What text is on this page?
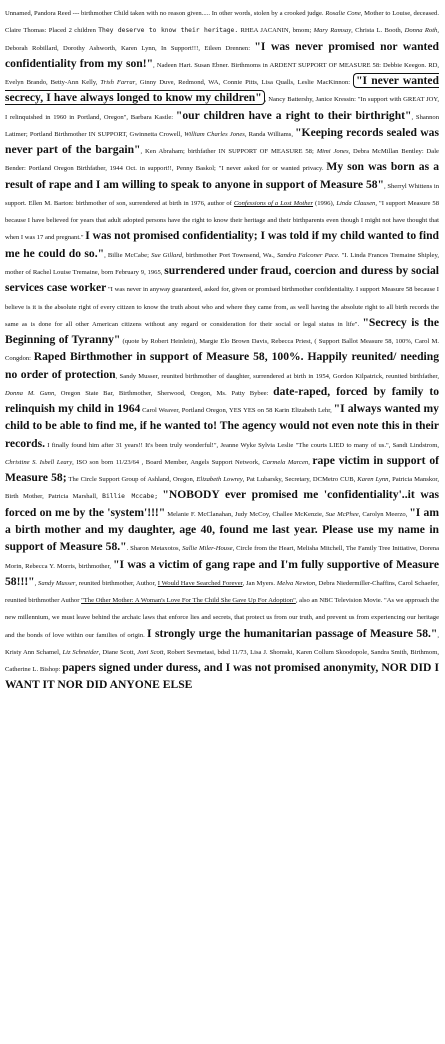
Unnamed, Pandora Reed --- birthmother Child taken with no reason given..... In other words, stolen by a crooked judge. Rosalie Cone, Mother to Louise, deceased. Claire Thomas: Placed 2 children They deserve to know their heritage. RHEA JACANIN, bmom; Mary Ramsay, Christa L. Booth, Donna Roth, Deborah Robillard, Dorothy Ashworth, Karen Lynn, In Support!!!, Eileen Drennen: "I was never promised nor wanted confidentiality from my son!", Nadeen Hart. Susan Ebner. Birthmoms in ARDENT SUPPORT OF MEASURE 58: Debbie Keegon. RD, Evelyn Brando, Betty-Ann Kelly, Trish Farrar, Ginny Duve, Redmond, WA, Connie Pitts, Lisa Qualls, Leslie MacKinnon: "I never wanted secrecy, I have always longed to know my children" , Nancy Battershy, Janice Kressin: "In support with GREAT JOY, I relinquished in 1960 in Portland, Oregon", Barbara Kastle: "our children have a right to their birthright", Shannon Latimer; Portland Birthmother IN SUPPORT, Gwinnetta Crowell, William Charles Jones, Randa Williams, "Keeping records sealed was never part of the bargain", Ken Abraham; birthfather IN SUPPORT OF MEASURE 58; Mimi Jones, Debra McMillan Bentley: Dale Bender: Portland Oregon Birthfather, 1944 Oct. in support!!, Penny Baskol; "I never asked for or wanted privacy. My son was born as a result of rape and I am willing to speak to anyone in support of Measure 58", Sherryl Whittens in support. Ellen M. Barton: birthmother of son, surrendered at birth in 1976, author of Confessions of a Lost Mother (1996), Linda Clausen, "I support Measure 58 because I have believed for years that adult adopted persons have the right to know their heritage and their birthparents even though I might not have thought that when I was 17 and pregnant." I was not promised confidentiality; I was told if my child wanted to find me he could do so.", Billie McCabe; Sue Gillard, birthmother Port Townsend, Wa., Sandra Falconer Pace. "I. Linda Frances Tremaine Shipley, mother of Rachel Louise Tremaine, born February 9, 1965, surrendered under fraud, coercion and duress by social services case worker "I was never in anyway guaranteed, asked for, given or promised birthmother confidentiality. I support Measure 58 because I believe is it is the absolute right of every citizen to know the truth about who and where they came from, as well having the absolute right to all birth records the same as is done for all other American citizens without any regard or consideration for their social or legal status in life". "Secrecy is the Beginning of Tyranny" (quote by Robert Heinlein), Margie Elo Brown Davis, Rebecca Priest, ( Support Ballot Measure 58, 100%, Carol M. Congdon: Raped Birthmother in support of Measure 58, 100%. Happily reunited/ needing no order of protection, Sandy Musser, reunited birthmother of daughter, surrendered at birth in 1954, Gordon Kilpatrick, reunited birthfather, Donna M. Gunn, Oregon State Bar, Birthmother, Sherwood, Oregon, Ms. Patty Bybee: date-raped, forced by family to relinquish my child in 1964 Carol Weaver, Portland Oregon, YES YES on 58 Karin Elizabeth Lehr, "I always wanted my child to be able to find me, if he wanted to! The agency would not even note this in their records. I finally found him after 31 years!! It's been truly wonderful!", Jeanne Wyke Sylvia Leslie "The courts LIED to many of us.", Sandi Lindstrom, Christine S. Isbell Leary, ISO son born 11/23/64 , Board Member, Angels Support Network, Carmela Marcen, rape victim in support of Measure 58; The Circle Support Group of Ashland, Oregon, Elizabeth Lowrey, Pat Lubarsky, Secretary, DCMetro CUB, Karen Lynn, Patricia Manskor, Birth Mother, Patricia Marshall, Billie Mccabe; "NOBODY ever promised me 'confidentiality'..it was forced on me by the 'system'!!!" Melanie F. McClanahan, Judy McCoy, Challee McKenzie, Sue McPhee, Carolyn Meerzo, "I am a birth mother and my daughter, age 40, found me last year. Please use my name in support of Measure 58.". Sharon Metaxotos, Sallie Miler-House, Circle from the Heart, Melisha Mitchell, The Family Tree Initiative, Dorena Morin, Rebecca Y. Morris, birthmother, "I was a victim of gang rape and I'm fully supportive of Measure 58!!!", Sandy Musser, reunited birthmother, Author, I Would Have Searched Forever, Jan Myers. Melva Newton, Debra Niedermiller-Chaffins, Carol Schaefer, reunited birthmother Author "The Other Mother: A Woman's Love For The Child She Gave Up For Adoption", also an NBC Television Movie. "As we approach the new millennium, we must leave behind the archaic laws that enforce lies and secrets, that protect us from our truth, and prevent us from experiencing our heritage and the bonds of love within our families of origin. I strongly urge the humanitarian passage of Measure 58.", Kristy Ann Schamel, Liz Schneider, Diane Scott, Joni Scott, Robert Sevmetasi, bdsd 11/73, Lisa J. Shomski, Karen Collum Skoodopole, Sandra Smith, Birthmom, Catherine L. Bishop: papers signed under duress, and I was not promised anonymity, NOR DID I WANT IT NOR DID ANYONE ELSE
